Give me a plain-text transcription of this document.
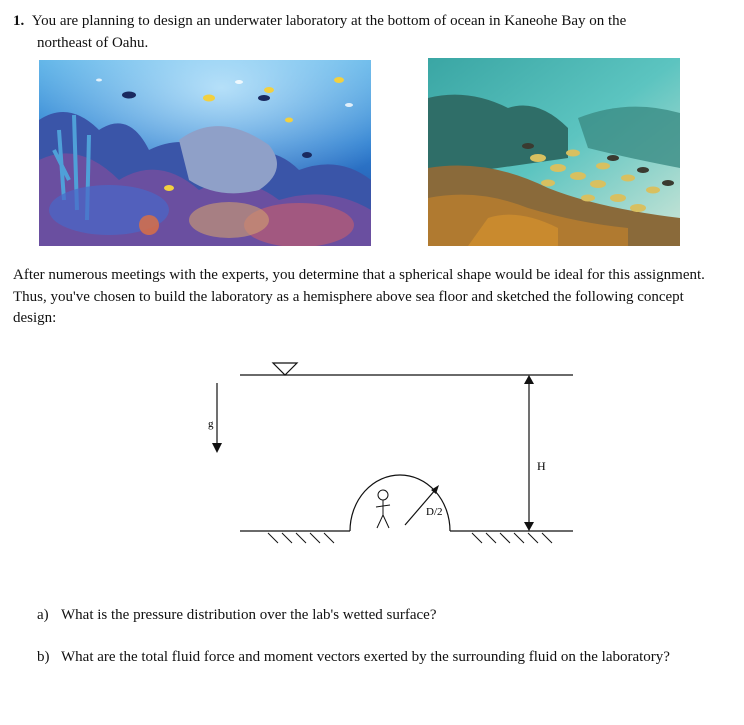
1. You are planning to design an underwater laboratory at the bottom of ocean in Kaneohe Bay on the
northeast of Oahu.
After numerous meetings with the experts, you determine that a spherical shape would be ideal for this assignment. Thus, you've chosen to build the laboratory as a hemisphere above sea floor and sketched the following concept design:
g
D/2
H
a) What is the pressure distribution over the lab's wetted surface?
b) What are the total fluid force and moment vectors exerted by the surrounding fluid on the laboratory?
